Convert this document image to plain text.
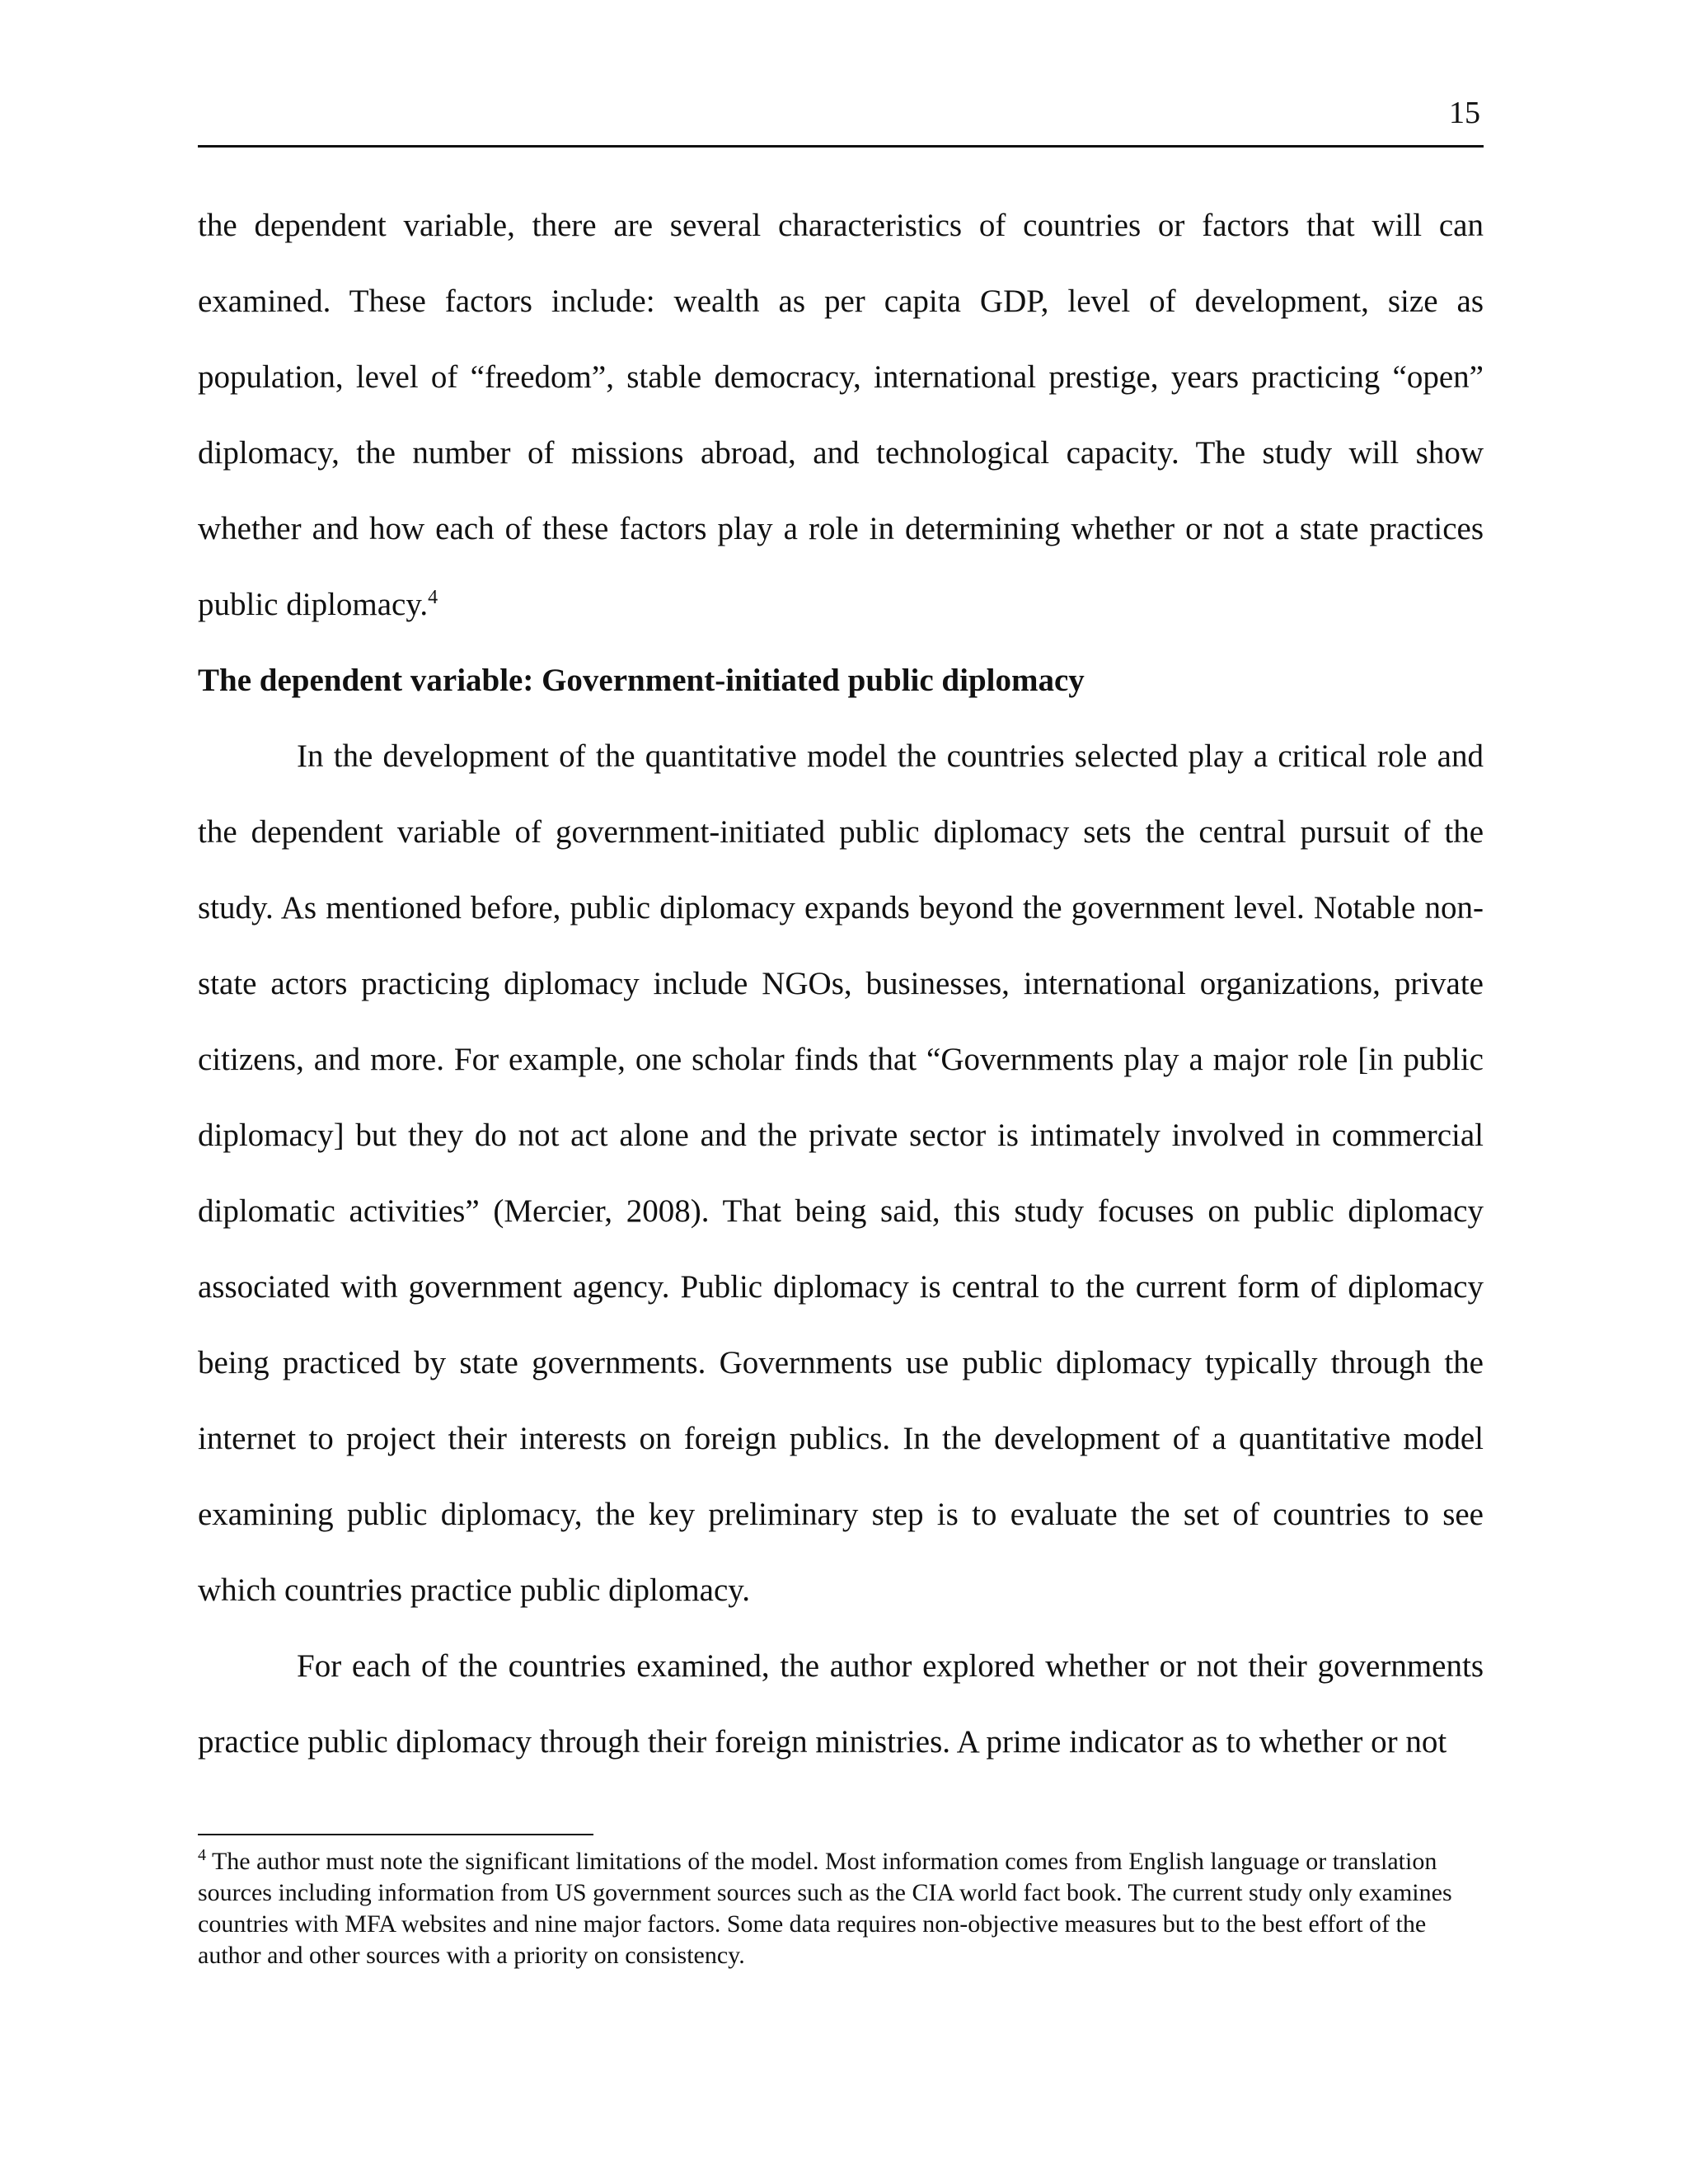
15

the dependent variable, there are several characteristics of countries or factors that will can examined. These factors include: wealth as per capita GDP, level of development, size as population, level of “freedom”, stable democracy, international prestige, years practicing “open” diplomacy, the number of missions abroad, and technological capacity. The study will show whether and how each of these factors play a role in determining whether or not a state practices public diplomacy.$^4$

The dependent variable: Government-initiated public diplomacy

In the development of the quantitative model the countries selected play a critical role and the dependent variable of government-initiated public diplomacy sets the central pursuit of the study. As mentioned before, public diplomacy expands beyond the government level. Notable non-state actors practicing diplomacy include NGOs, businesses, international organizations, private citizens, and more. For example, one scholar finds that “Governments play a major role [in public diplomacy] but they do not act alone and the private sector is intimately involved in commercial diplomatic activities” (Mercier, 2008). That being said, this study focuses on public diplomacy associated with government agency. Public diplomacy is central to the current form of diplomacy being practiced by state governments. Governments use public diplomacy typically through the internet to project their interests on foreign publics. In the development of a quantitative model examining public diplomacy, the key preliminary step is to evaluate the set of countries to see which countries practice public diplomacy.

For each of the countries examined, the author explored whether or not their governments practice public diplomacy through their foreign ministries. A prime indicator as to whether or not

$^4$ The author must note the significant limitations of the model. Most information comes from English language or translation sources including information from US government sources such as the CIA world fact book. The current study only examines countries with MFA websites and nine major factors. Some data requires non-objective measures but to the best effort of the author and other sources with a priority on consistency.
